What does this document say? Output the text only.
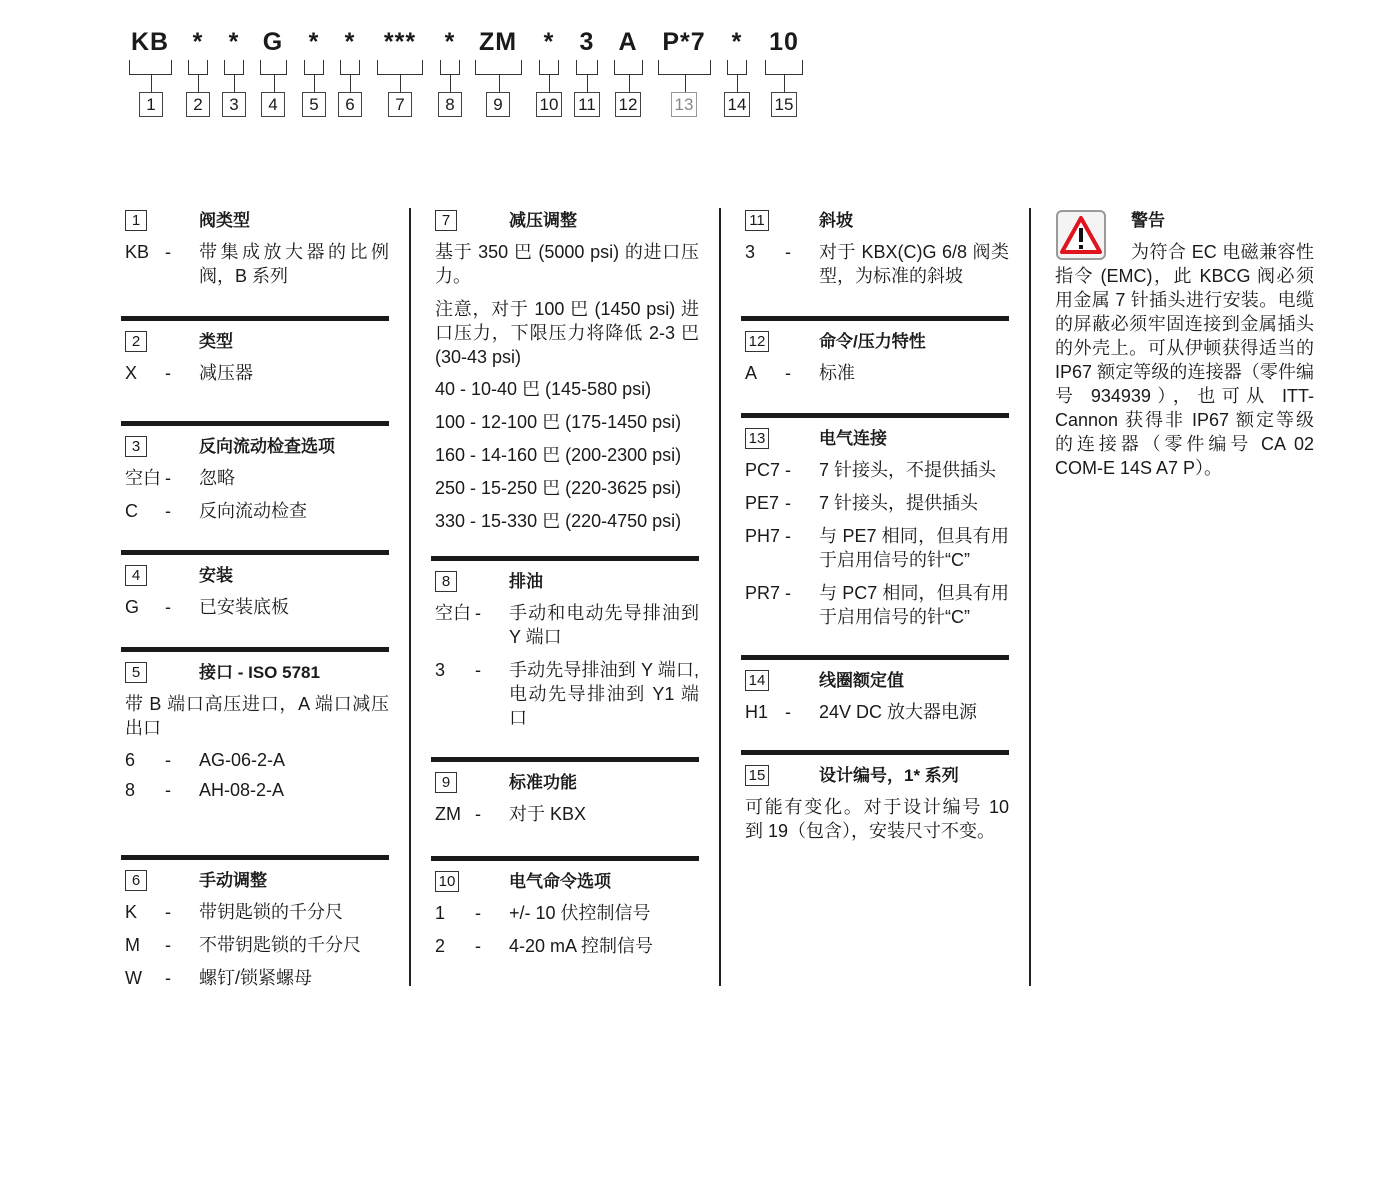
KB * * G * * *** * ZM * 3 A P*7 * 10
1	2	3	4	5	6	7	8	9	10 11 12 13 14 15
1	阀类型
KB - 带集成放大器的比例阀，B 系列
2	类型
X - 减压器
3	反向流动检查选项
空白 - 忽略
C - 反向流动检查
4	安装
G - 已安装底板
5	接口 - ISO 5781
带 B 端口高压进口，A 端口减压出口
6 - AG-06-2-A
8 - AH-08-2-A
6	手动调整
K - 带钥匙锁的千分尺
M - 不带钥匙锁的千分尺
W - 螺钉/锁紧螺母
7	减压调整
基于 350 巴 (5000 psi) 的进口压力。
注意，对于 100 巴 (1450 psi) 进口压力，下限压力将降低 2-3 巴 (30-43 psi)
40 - 10-40 巴 (145-580 psi)
100 - 12-100 巴 (175-1450 psi)
160 - 14-160 巴 (200-2300 psi)
250 - 15-250 巴 (220-3625 psi)
330 - 15-330 巴 (220-4750 psi)
8	排油
空白 - 手动和电动先导排油到 Y 端口
3 - 手动先导排油到 Y 端口,电动先导排油到 Y1 端口
9	标准功能
ZM - 对于 KBX
10	电气命令选项
1 - +/- 10 伏控制信号
2 - 4-20 mA 控制信号
11	斜坡
3 - 对于 KBX(C)G 6/8 阀类型，为标准的斜坡
12	命令/压力特性
A - 标准
13	电气连接
PC7 - 7 针接头，不提供插头
PE7 - 7 针接头，提供插头
PH7 - 与 PE7 相同，但具有用于启用信号的针“C”
PR7 - 与 PC7 相同，但具有用于启用信号的针“C”
14	线圈额定值
H1 - 24V DC 放大器电源
15	设计编号，1* 系列
可能有变化。对于设计编号 10 到 19（包含），安装尺寸不变。
警告
为符合 EC 电磁兼容性指令 (EMC)，此 KBCG 阀必须用金属 7 针插头进行安装。电缆的屏蔽必须牢固连接到金属插头的外壳上。可从伊顿获得适当的 IP67 额定等级的连接器（零件编号 934939），也可从 ITT-Cannon 获得非 IP67 额定等级的连接器（零件编号 CA 02 COM-E 14S A7 P）。
